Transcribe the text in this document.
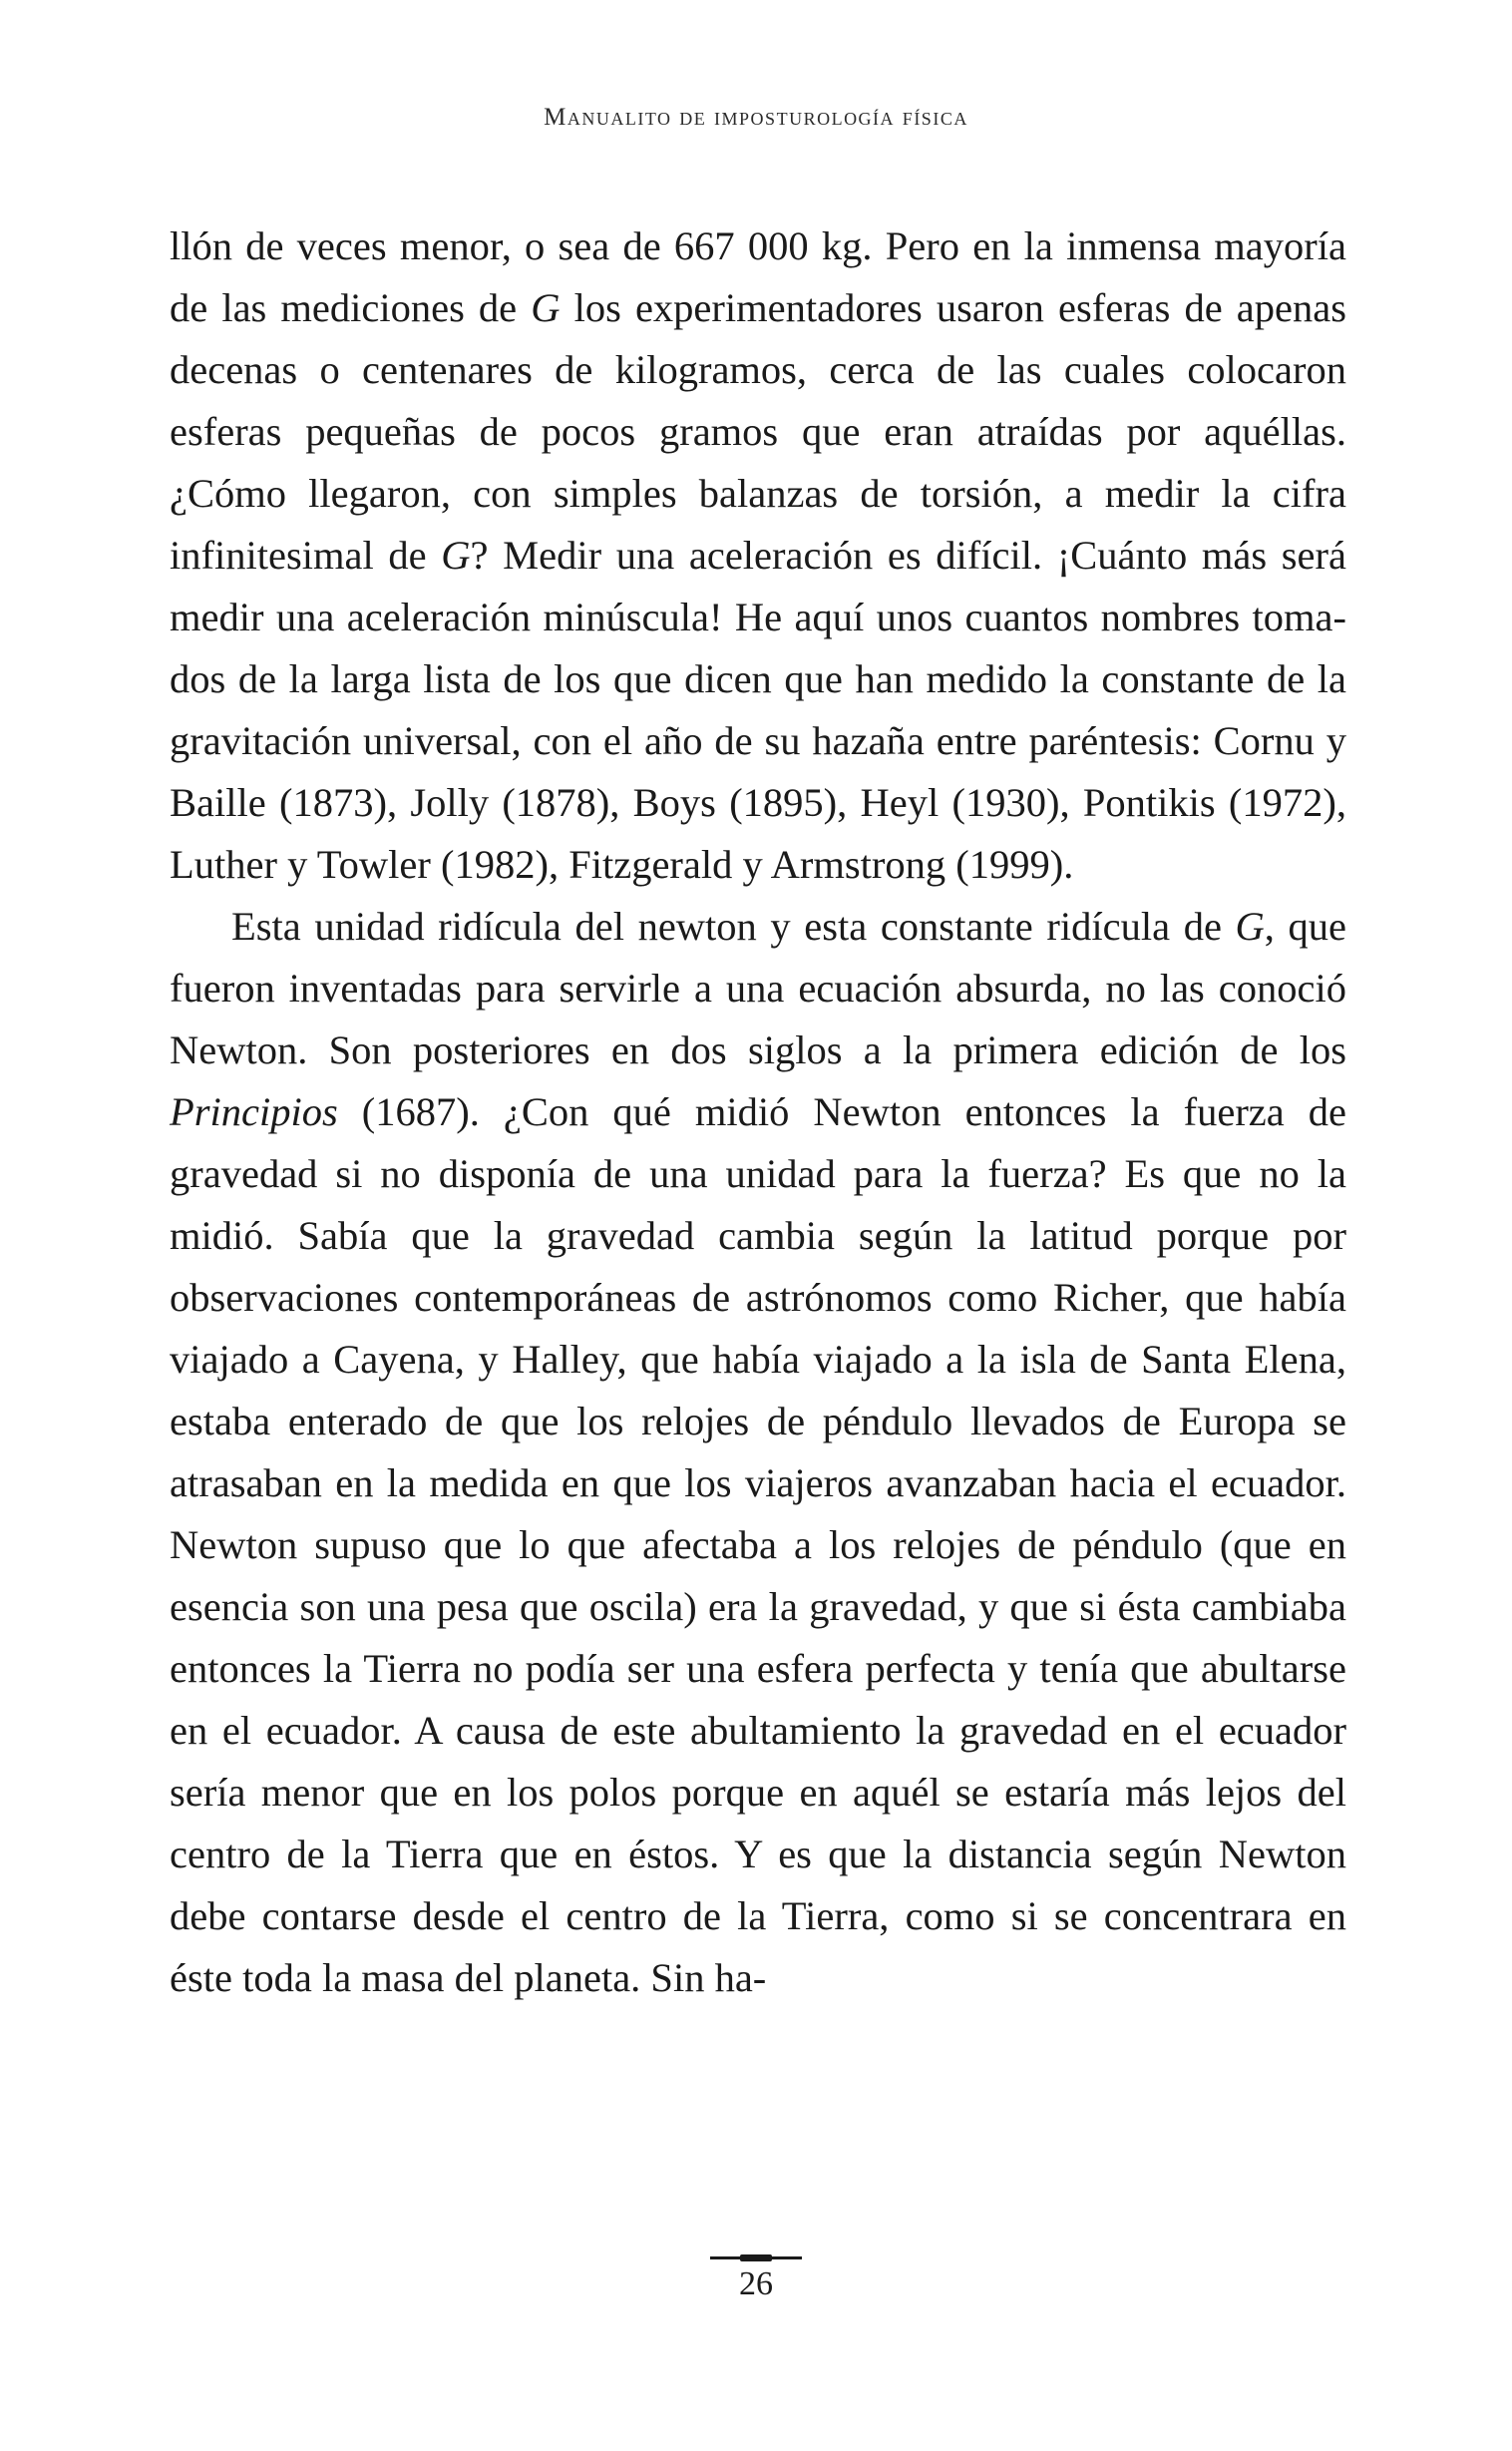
Manualito de imposturología física

llón de veces menor, o sea de 667 000 kg. Pero en la inmensa mayoría de las mediciones de G los experimentadores usaron esferas de apenas decenas o centenares de kilogramos, cerca de las cuales colocaron esferas pequeñas de pocos gramos que eran atraídas por aquéllas. ¿Cómo llegaron, con simples balanzas de torsión, a medir la cifra infinitesimal de G? Medir una aceleración es difícil. ¡Cuánto más será medir una aceleración minúscula! He aquí unos cuantos nombres tomados de la larga lista de los que dicen que han medido la constante de la gravitación universal, con el año de su hazaña entre paréntesis: Cornu y Baille (1873), Jolly (1878), Boys (1895), Heyl (1930), Pontikis (1972), Luther y Towler (1982), Fitzgerald y Armstrong (1999).

Esta unidad ridícula del newton y esta constante ridícula de G, que fueron inventadas para servirle a una ecuación absurda, no las conoció Newton. Son posteriores en dos siglos a la primera edición de los Principios (1687). ¿Con qué midió Newton entonces la fuerza de gravedad si no disponía de una unidad para la fuerza? Es que no la midió. Sabía que la gravedad cambia según la latitud porque por observaciones contemporáneas de astrónomos como Richer, que había viajado a Cayena, y Halley, que había viajado a la isla de Santa Elena, estaba enterado de que los relojes de péndulo llevados de Europa se atrasaban en la medida en que los viajeros avanzaban hacia el ecuador. Newton supuso que lo que afectaba a los relojes de péndulo (que en esencia son una pesa que oscila) era la gravedad, y que si ésta cambiaba entonces la Tierra no podía ser una esfera perfecta y tenía que abultarse en el ecuador. A causa de este abultamiento la gravedad en el ecuador sería menor que en los polos porque en aquél se estaría más lejos del centro de la Tierra que en éstos. Y es que la distancia según Newton debe contarse desde el centro de la Tierra, como si se concentrara en éste toda la masa del planeta. Sin ha-

26
